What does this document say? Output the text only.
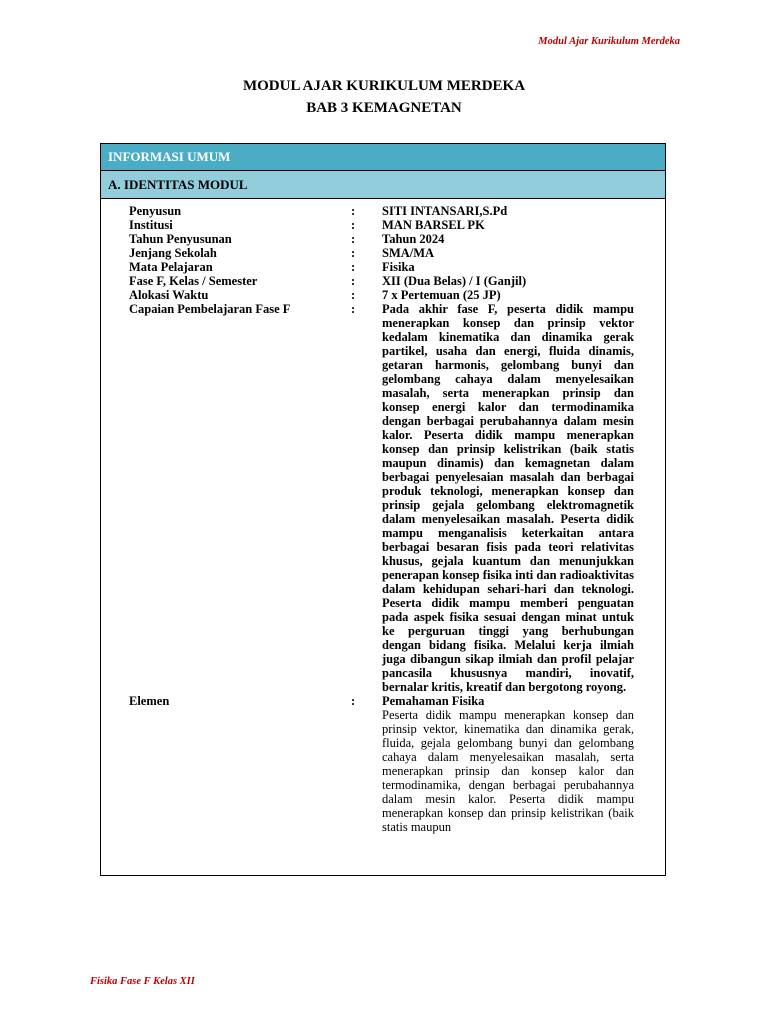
Modul Ajar Kurikulum Merdeka
MODUL AJAR KURIKULUM MERDEKA
BAB 3 KEMAGNETAN
INFORMASI UMUM
A. IDENTITAS MODUL
Penyusun	:	SITI INTANSARI,S.Pd
Institusi	:	MAN BARSEL PK
Tahun Penyusunan	:	Tahun 2024
Jenjang Sekolah	:	SMA/MA
Mata Pelajaran	:	Fisika
Fase F, Kelas / Semester	:	XII (Dua Belas) / I (Ganjil)
Alokasi Waktu	:	7 x Pertemuan (25 JP)
Capaian Pembelajaran Fase F	:	Pada akhir fase F, peserta didik mampu menerapkan konsep dan prinsip vektor kedalam kinematika dan dinamika gerak partikel, usaha dan energi, fluida dinamis, getaran harmonis, gelombang bunyi dan gelombang cahaya dalam menyelesaikan masalah, serta menerapkan prinsip dan konsep energi kalor dan termodinamika dengan berbagai perubahannya dalam mesin kalor. Peserta didik mampu menerapkan konsep dan prinsip kelistrikan (baik statis maupun dinamis) dan kemagnetan dalam berbagai penyelesaian masalah dan berbagai produk teknologi, menerapkan konsep dan prinsip gejala gelombang elektromagnetik dalam menyelesaikan masalah. Peserta didik mampu menganalisis keterkaitan antara berbagai besaran fisis pada teori relativitas khusus, gejala kuantum dan menunjukkan penerapan konsep fisika inti dan radioaktivitas dalam kehidupan sehari-hari dan teknologi. Peserta didik mampu memberi penguatan pada aspek fisika sesuai dengan minat untuk ke perguruan tinggi yang berhubungan dengan bidang fisika. Melalui kerja ilmiah juga dibangun sikap ilmiah dan profil pelajar pancasila khususnya mandiri, inovatif, bernalar kritis, kreatif dan bergotong royong.
Elemen	:	Pemahaman Fisika
Peserta didik mampu menerapkan konsep dan prinsip vektor, kinematika dan dinamika gerak, fluida, gejala gelombang bunyi dan gelombang cahaya dalam menyelesaikan masalah, serta menerapkan prinsip dan konsep kalor dan termodinamika, dengan berbagai perubahannya dalam mesin kalor. Peserta didik mampu menerapkan konsep dan prinsip kelistrikan (baik statis maupun
Fisika Fase F Kelas XII
